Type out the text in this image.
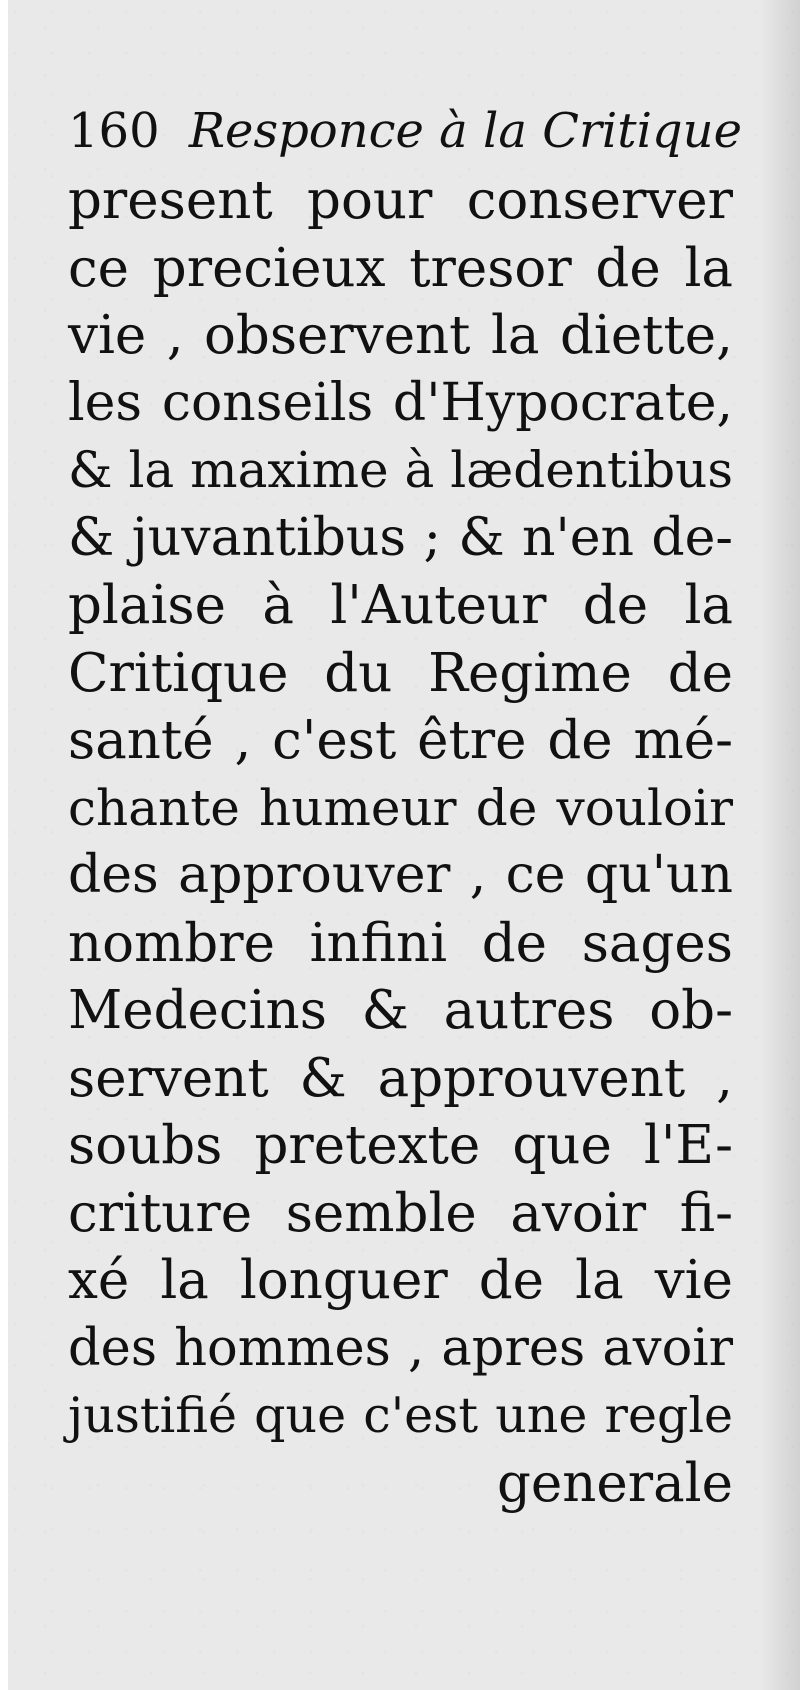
160 Responce à la Critique
present pour conserver
ce precieux tresor de la
vie , observent la diette,
les conseils d'Hypocrate,
& la maxime à lædentibus
& juvantibus ; & n'en de-
plaise à l'Auteur de la
Critique du Regime de
santé , c'est être de mé-
chante humeur de vouloir
des approuver , ce qu'un
nombre infini de sages
Medecins & autres ob-
servent & approuvent ,
soubs pretexte que l'E-
criture semble avoir fi-
xé la longuer de la vie
des hommes , apres avoir
justifié que c'est une regle
generale
